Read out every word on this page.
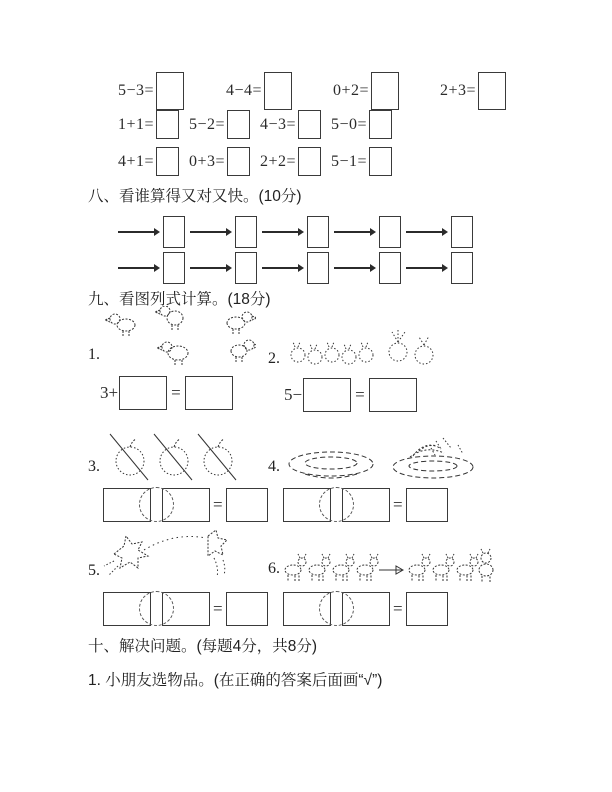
5−3=	4−4=	0+2=	2+3=
1+1= 5−2= 4−3= 5−0=
4+1= 0+3= 2+2= 5−1=
八、看谁算得又对又快。(10分)
九、看图列式计算。(18分)
1.
3+	=
2.
5−	=
3.
=
4.
=
5.
=
6.
=
十、解决问题。(每题4分，共8分)
1. 小朋友选物品。(在正确的答案后面画“√”)
